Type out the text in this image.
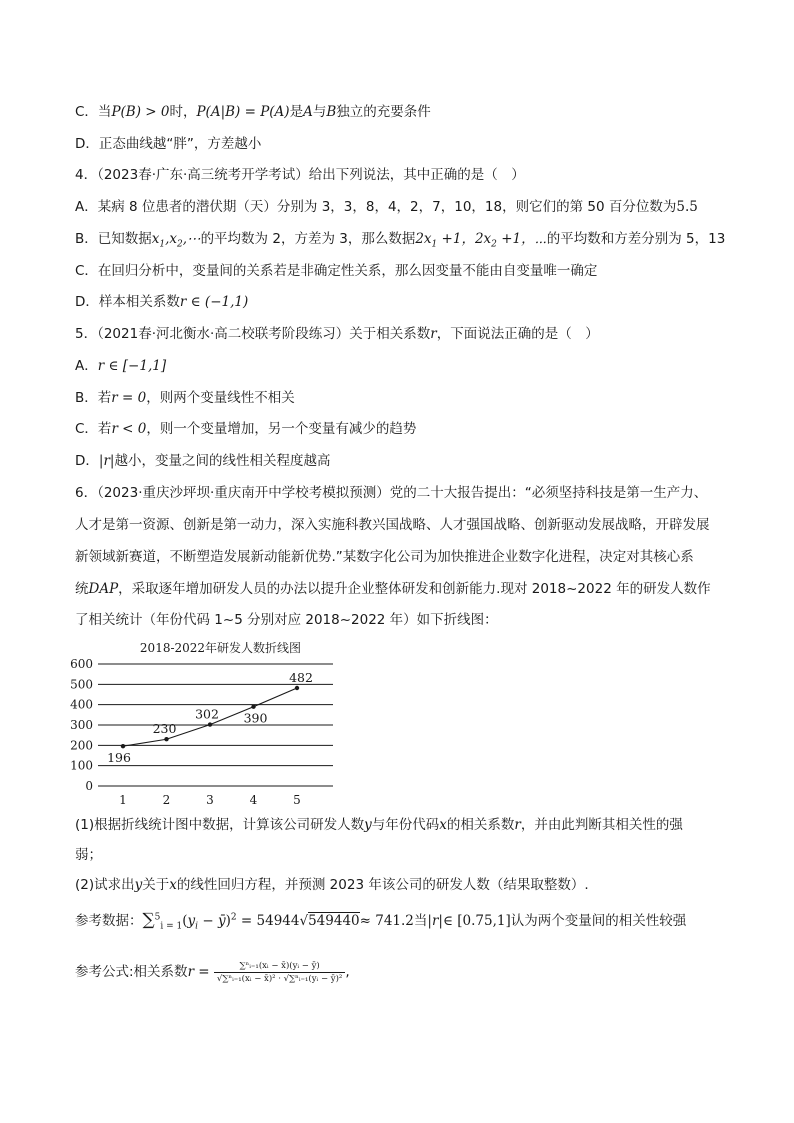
C．当P(B) > 0时，P(A|B) = P(A)是A与B独立的充要条件
D．正态曲线越“胖”，方差越小
4．（2023春·广东·高三统考开学考试）给出下列说法，其中正确的是（　）
A．某病 8 位患者的潜伏期（天）分别为 3，3，8，4，2，7，10，18，则它们的第 50 百分位数为5.5
B．已知数据$x_1,x_2,\cdots$的平均数为 2，方差为 3，那么数据$2x_1 +1$，$2x_2 +1$，⋯的平均数和方差分别为 5，13
C．在回归分析中，变量间的关系若是非确定性关系，那么因变量不能由自变量唯一确定
D．样本相关系数r ∈ (−1,1)
5．（2021春·河北衡水·高二校联考阶段练习）关于相关系数r，下面说法正确的是（　）
A．r ∈ [−1,1]
B．若r = 0，则两个变量线性不相关
C．若r < 0，则一个变量增加，另一个变量有减少的趋势
D．|r|越小，变量之间的线性相关程度越高
6．（2023·重庆沙坪坝·重庆南开中学校考模拟预测）党的二十大报告提出：“必须坚持科技是第一生产力、
人才是第一资源、创新是第一动力，深入实施科教兴国战略、人才强国战略、创新驱动发展战略，开辟发展
新领域新赛道，不断塑造发展新动能新优势.”某数字化公司为加快推进企业数字化进程，决定对其核心系
统DAP，采取逐年增加研发人员的办法以提升企业整体研发和创新能力.现对 2018~2022 年的研发人数作
了相关统计（年份代码 1~5 分别对应 2018~2022 年）如下折线图：
2018-2022年研发人数折线图
0
100
200
300
400
500
600
1	2	3	4	5
196
230
302 390
482
(1)根据折线统计图中数据，计算该公司研发人数y与年份代码x的相关系数r，并由此判断其相关性的强
弱；
(2)试求出y关于x的线性回归方程，并预测 2023 年该公司的研发人数（结果取整数）.
参考数据：$\sum^5_{i = 1}(y_i$ − ȳ)$^2$ = 54944√549440≈ 741.2当|r|∈ [0.75,1]认为两个变量间的相关性较强
参考公式:相关系数$r = \frac{\text{∑ⁿᵢ₌₁(xᵢ − x̄)(yᵢ − ȳ)}}{\text{√∑ⁿᵢ₌₁(xᵢ − x̄)² · √∑ⁿᵢ₌₁(yᵢ − ȳ)²}}$ ,
